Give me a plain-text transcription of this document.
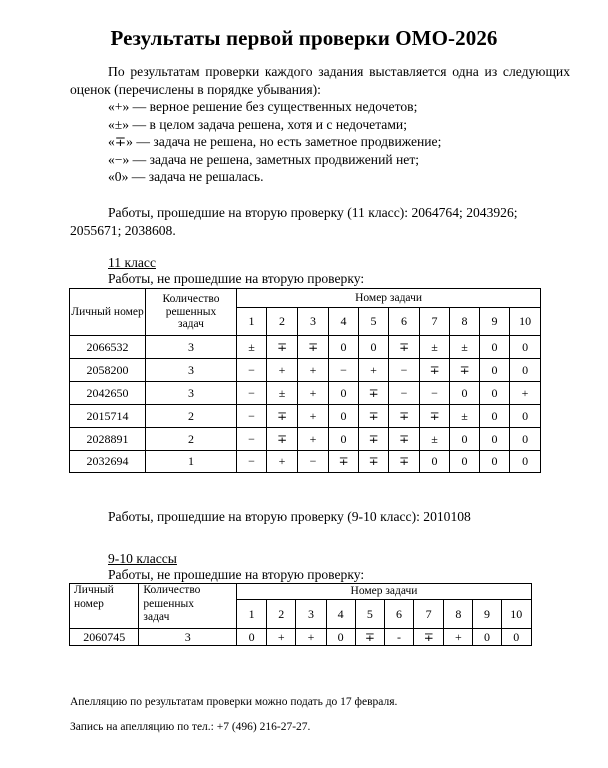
Результаты первой проверки ОМО-2026
По результатам проверки каждого задания выставляется одна из следующих оценок (перечислены в порядке убывания):
«+» — верное решение без существенных недочетов;
«±» — в целом задача решена, хотя и с недочетами;
«∓» — задача не решена, но есть заметное продвижение;
«−» — задача не решена, заметных продвижений нет;
«0» — задача не решалась.
Работы, прошедшие на вторую проверку (11 класс): 2064764; 2043926; 2055671; 2038608.
11 класс
Работы, не прошедшие на вторую проверку:
Личный номер	Количество решенных задач	Номер задачи									
		1	2	3	4	5	6	7	8	9	10
2066532	3	±	∓	∓	0	0	∓	±	±	0	0
2058200	3	−	+	+	−	+	−	∓	∓	0	0
2042650	3	−	±	+	0	∓	−	−	0	0	+
2015714	2	−	∓	+	0	∓	∓	∓	±	0	0
2028891	2	−	∓	+	0	∓	∓	±	0	0	0
2032694	1	−	+	−	∓	∓	∓	0	0	0	0
Работы, прошедшие на вторую проверку (9-10 класс): 2010108
9-10 классы
Работы, не прошедшие на вторую проверку:
Личный номер	Количество решенных задач	Номер задачи									
		1	2	3	4	5	6	7	8	9	10
2060745	3	0	+	+	0	∓	-	∓	+	0	0
Апелляцию по результатам проверки можно подать до 17 февраля.
Запись на апелляцию по тел.: +7 (496) 216-27-27.
